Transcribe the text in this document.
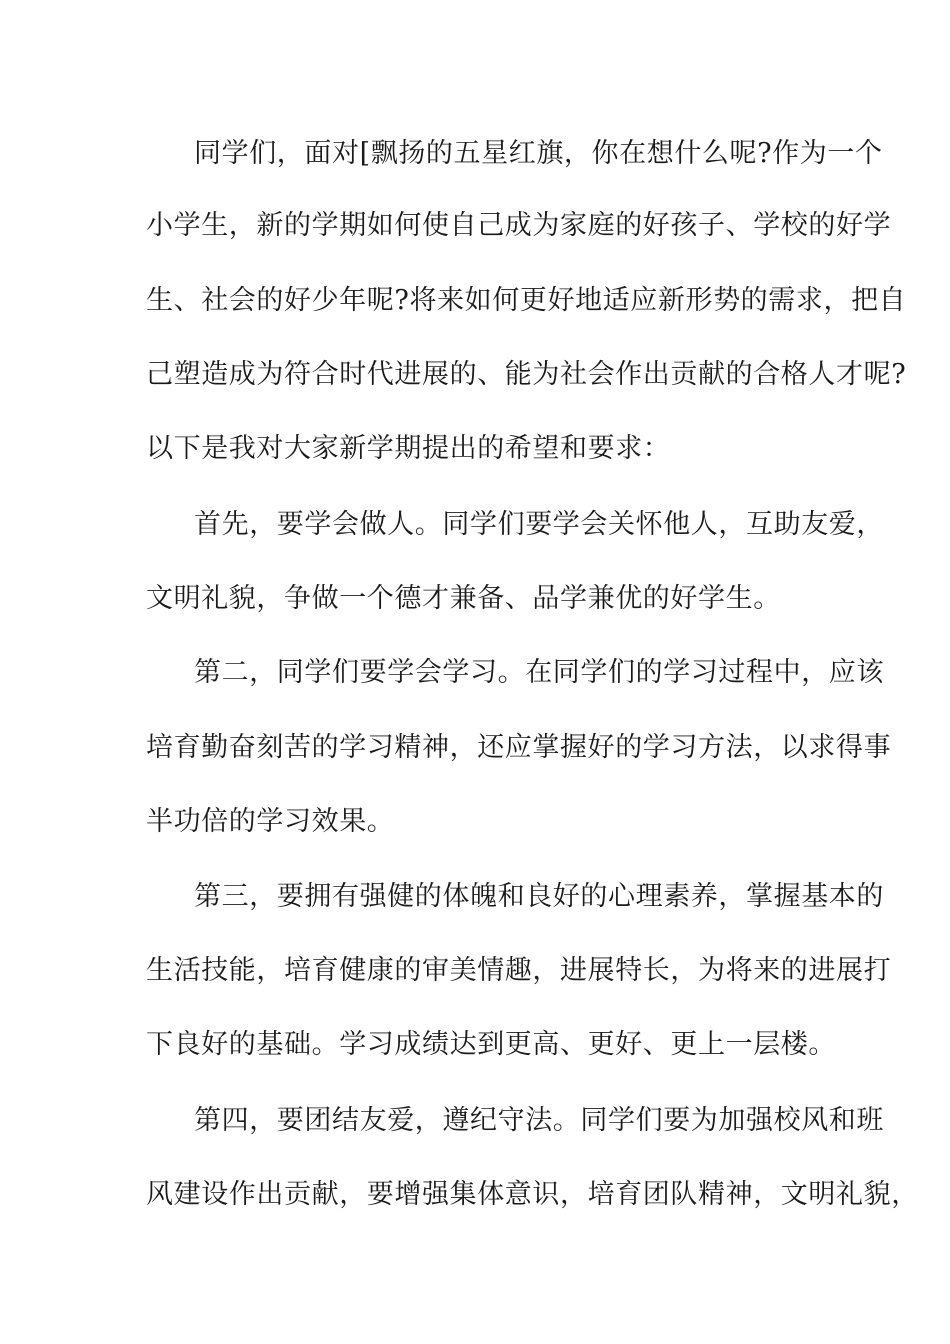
同学们，面对[飘扬的五星红旗，你在想什么呢?作为一个
小学生，新的学期如何使自己成为家庭的好孩子、学校的好学
生、社会的好少年呢?将来如何更好地适应新形势的需求，把自
己塑造成为符合时代进展的、能为社会作出贡献的合格人才呢?
以下是我对大家新学期提出的希望和要求：
首先，要学会做人。同学们要学会关怀他人，互助友爱，
文明礼貌，争做一个德才兼备、品学兼优的好学生。
第二，同学们要学会学习。在同学们的学习过程中，应该
培育勤奋刻苦的学习精神，还应掌握好的学习方法，以求得事
半功倍的学习效果。
第三，要拥有强健的体魄和良好的心理素养，掌握基本的
生活技能，培育健康的审美情趣，进展特长，为将来的进展打
下良好的基础。学习成绩达到更高、更好、更上一层楼。
第四，要团结友爱，遵纪守法。同学们要为加强校风和班
风建设作出贡献，要增强集体意识，培育团队精神，文明礼貌，
